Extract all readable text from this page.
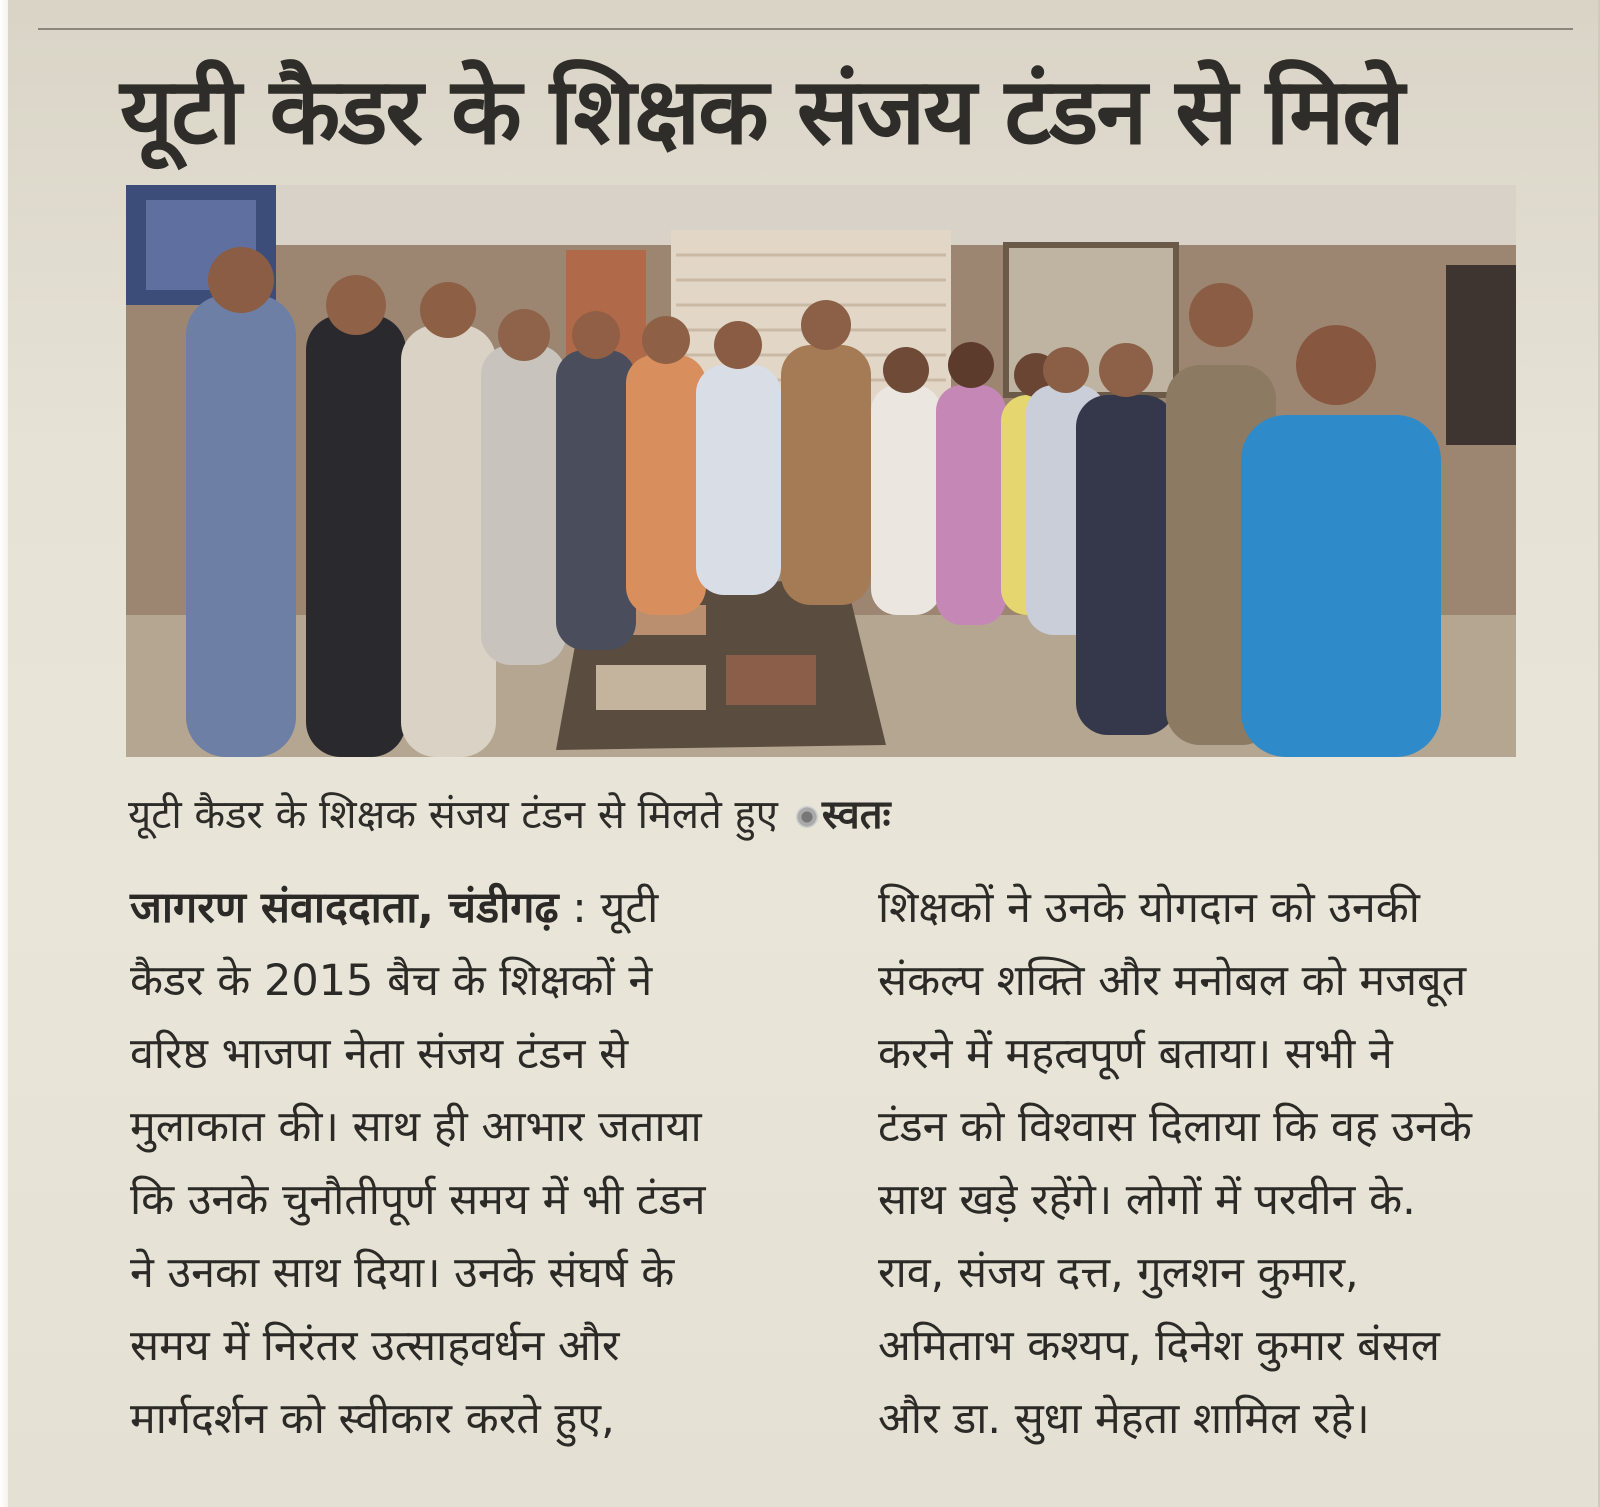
यूटी कैडर के शिक्षक संजय टंडन से मिले
यूटी कैडर के शिक्षक संजय टंडन से मिलते हुए स्वतः
जागरण संवाददाता, चंडीगढ़ : यूटी
कैडर के 2015 बैच के शिक्षकों ने
वरिष्ठ भाजपा नेता संजय टंडन से
मुलाकात की। साथ ही आभार जताया
कि उनके चुनौतीपूर्ण समय में भी टंडन
ने उनका साथ दिया। उनके संघर्ष के
समय में निरंतर उत्साहवर्धन और
मार्गदर्शन को स्वीकार करते हुए,
शिक्षकों ने उनके योगदान को उनकी
संकल्प शक्ति और मनोबल को मजबूत
करने में महत्वपूर्ण बताया। सभी ने
टंडन को विश्वास दिलाया कि वह उनके
साथ खड़े रहेंगे। लोगों में परवीन के.
राव, संजय दत्त, गुलशन कुमार,
अमिताभ कश्यप, दिनेश कुमार बंसल
और डा. सुधा मेहता शामिल रहे।
